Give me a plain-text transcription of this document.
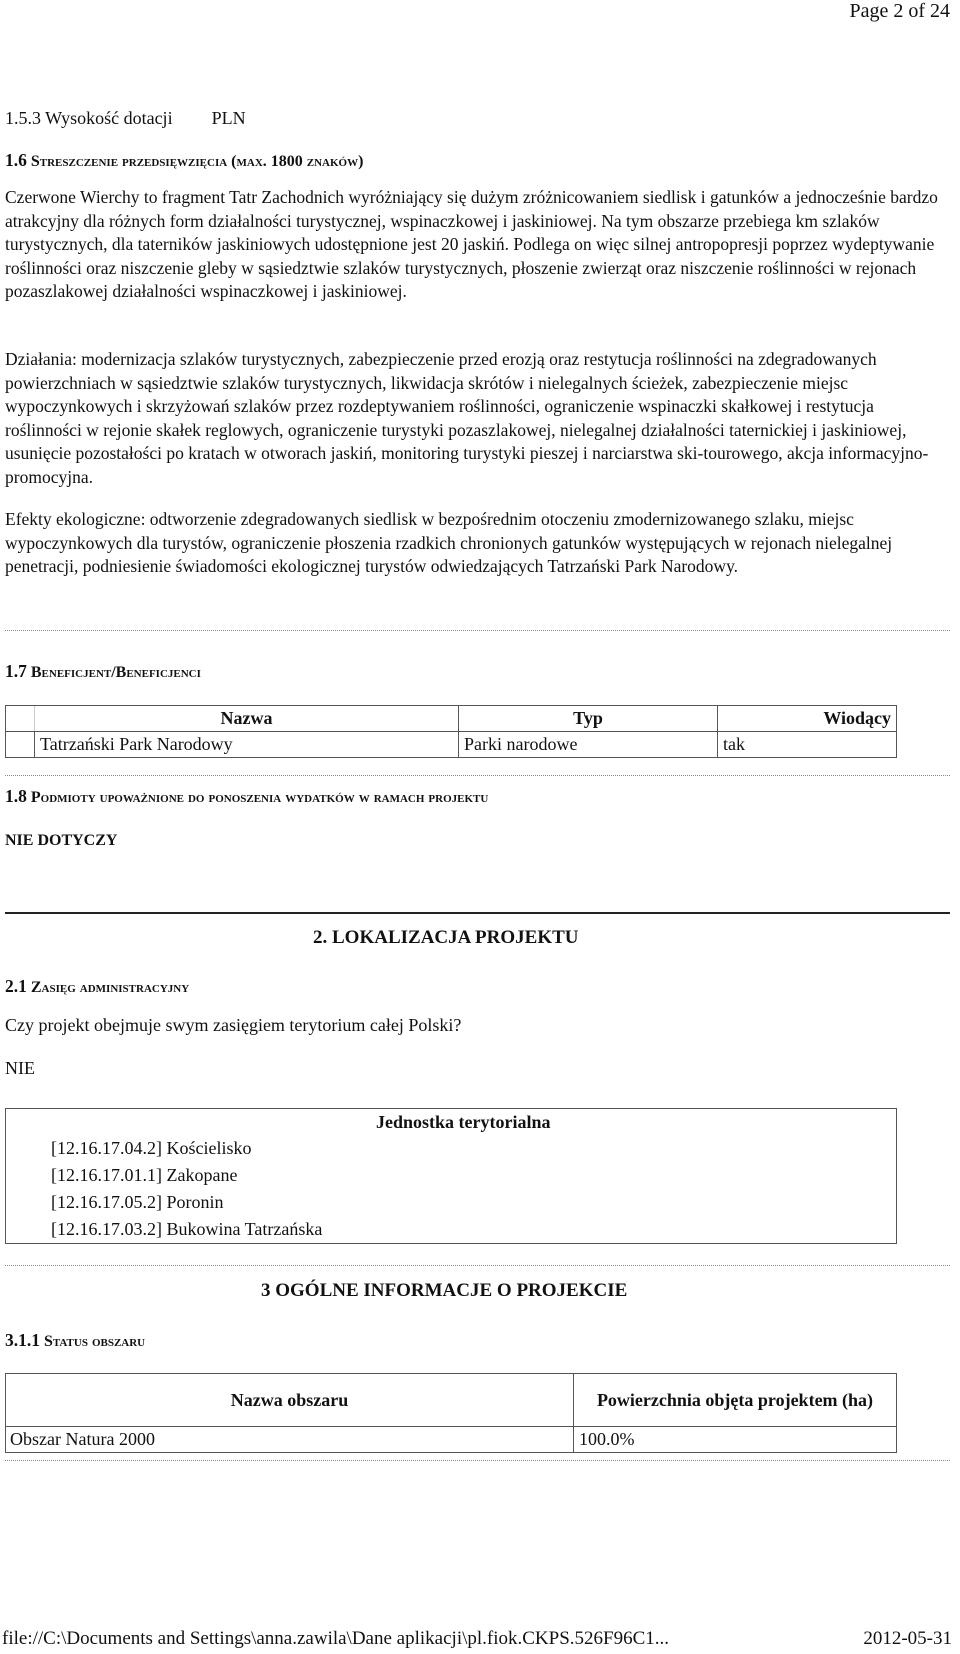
Page 2 of 24
1.5.3 Wysokość dotacji PLN
1.6 Streszczenie przedsięwzięcia (max. 1800 znaków)

Czerwone Wierchy to fragment Tatr Zachodnich wyróżniający się dużym zróżnicowaniem siedlisk i gatunków a jednocześnie bardzo atrakcyjny dla różnych form działalności turystycznej, wspinaczkowej i jaskiniowej. Na tym obszarze przebiega km szlaków turystycznych, dla taterników jaskiniowych udostępnione jest 20 jaskiń. Podlega on więc silnej antropopresji poprzez wydeptywanie roślinności oraz niszczenie gleby w sąsiedztwie szlaków turystycznych, płoszenie zwierząt oraz niszczenie roślinności w rejonach pozaszlakowej działalności wspinaczkowej i jaskiniowej.

Działania: modernizacja szlaków turystycznych, zabezpieczenie przed erozją oraz restytucja roślinności na zdegradowanych powierzchniach w sąsiedztwie szlaków turystycznych, likwidacja skrótów i nielegalnych ścieżek, zabezpieczenie miejsc wypoczynkowych i skrzyżowań szlaków przez rozdeptywaniem roślinności, ograniczenie wspinaczki skałkowej i restytucja roślinności w rejonie skałek reglowych, ograniczenie turystyki pozaszlakowej, nielegalnej działalności taternickiej i jaskiniowej, usunięcie pozostałości po kratach w otworach jaskiń, monitoring turystyki pieszej i narciarstwa ski-tourowego, akcja informacyjno-promocyjna.

Efekty ekologiczne: odtworzenie zdegradowanych siedlisk w bezpośrednim otoczeniu zmodernizowanego szlaku, miejsc wypoczynkowych dla turystów, ograniczenie płoszenia rzadkich chronionych gatunków występujących w rejonach nielegalnej penetracji, podniesienie świadomości ekologicznej turystów odwiedzających Tatrzański Park Narodowy.

1.7 Beneficjent/Beneficjenci
	Nazwa	Typ	Wiodący
	Tatrzański Park Narodowy	Parki narodowe	tak
1.8 Podmioty upoważnione do ponoszenia wydatków w ramach projektu
NIE DOTYCZY
2. LOKALIZACJA PROJEKTU
2.1 Zasięg administracyjny
Czy projekt obejmuje swym zasięgiem terytorium całej Polski?
NIE
	Jednostka terytorialna
	[12.16.17.04.2] Kościelisko
	[12.16.17.01.1] Zakopane
	[12.16.17.05.2] Poronin
	[12.16.17.03.2] Bukowina Tatrzańska
3 OGÓLNE INFORMACJE O PROJEKCIE
3.1.1 Status obszaru
Nazwa obszaru	Powierzchnia objęta projektem (ha)
Obszar Natura 2000	100.0%
file://C:\Documents and Settings\anna.zawila\Dane aplikacji\pl.fiok.CKPS.526F96C1...	2012-05-31
